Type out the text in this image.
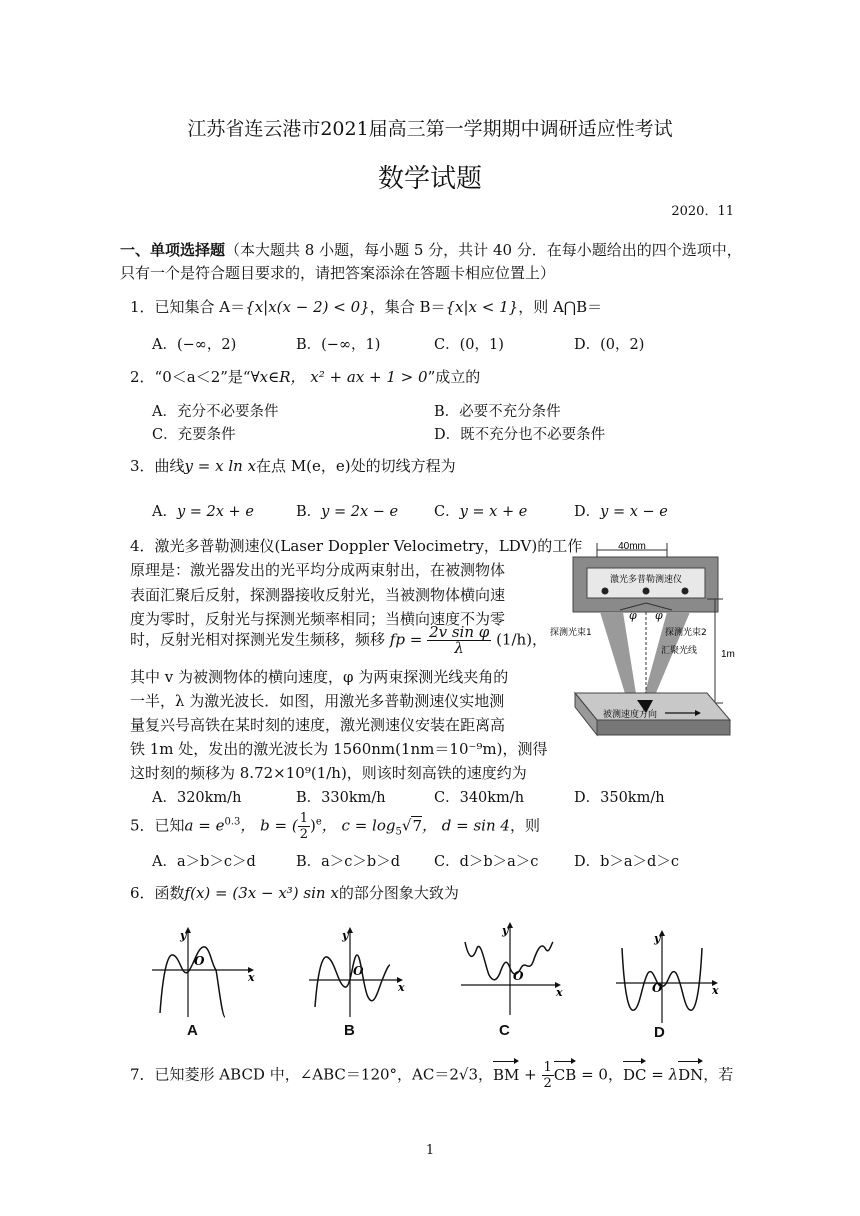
江苏省连云港市2021届高三第一学期期中调研适应性考试
数学试题
2020．11
一、单项选择题（本大题共 8 小题，每小题 5 分，共计 40 分．在每小题给出的四个选项中，
只有一个是符合题目要求的，请把答案添涂在答题卡相应位置上）
1．已知集合 A＝{x|x(x − 2) < 0}，集合 B＝{x|x < 1}，则 A⋂B＝
A．(−∞，2)	B．(−∞，1)	C．(0，1)	D．(0，2)
2．“0＜a＜2”是“∀x∈R， x² + ax + 1 > 0”成立的
A．充分不必要条件	B．必要不充分条件
C．充要条件	D．既不充分也不必要条件
3．曲线y = x ln x在点 M(e，e)处的切线方程为
A．y = 2x + e	B．y = 2x − e C．y = x + e	D．y = x − e
4．激光多普勒测速仪(Laser Doppler Velocimetry，LDV)的工作
原理是：激光器发出的光平均分成两束射出，在被测物体
表面汇聚后反射，探测器接收反射光，当被测物体横向速
度为零时，反射光与探测光频率相同；当横向速度不为零
时，反射光相对探测光发生频移，频移 fp = $\frac{\text{2v sin φ}}{\lambda} (1/h)$，
其中 v 为被测物体的横向速度，φ 为两束探测光线夹角的
一半，λ 为激光波长．如图，用激光多普勒测速仪实地测
量复兴号高铁在某时刻的速度，激光测速仪安装在距离高
铁 1m 处，发出的激光波长为 1560nm(1nm＝10⁻⁹m)，测得
这时刻的频移为 8.72×10⁹(1/h)，则该时刻高铁的速度约为
A．320km/h	B．330km/h	C．340km/h	D．350km/h
40mm
激光多普勒测速仪
φ φ
探测光束1	探测光束2
汇聚光线 1m
被测速度方向
5．已知$a = e^{0.3}$， b = ( $\frac{1}{2} )^e$， $c = \log_5√7$， d = sin 4，则
A．a＞b＞c＞d	B．a＞c＞b＞d C．d＞b＞a＞c D．b＞a＞d＞c
6．函数f(x) = (3x − x³) sin x的部分图象大致为
x
y
O
A
x
y
O
B
x
y
O
C
x
y
O
D
7．已知菱形 ABCD 中，∠ABC＝120°，AC＝2√3，BM + $\frac{1}{2}$ CB = 0，DC = λDN，若
1
